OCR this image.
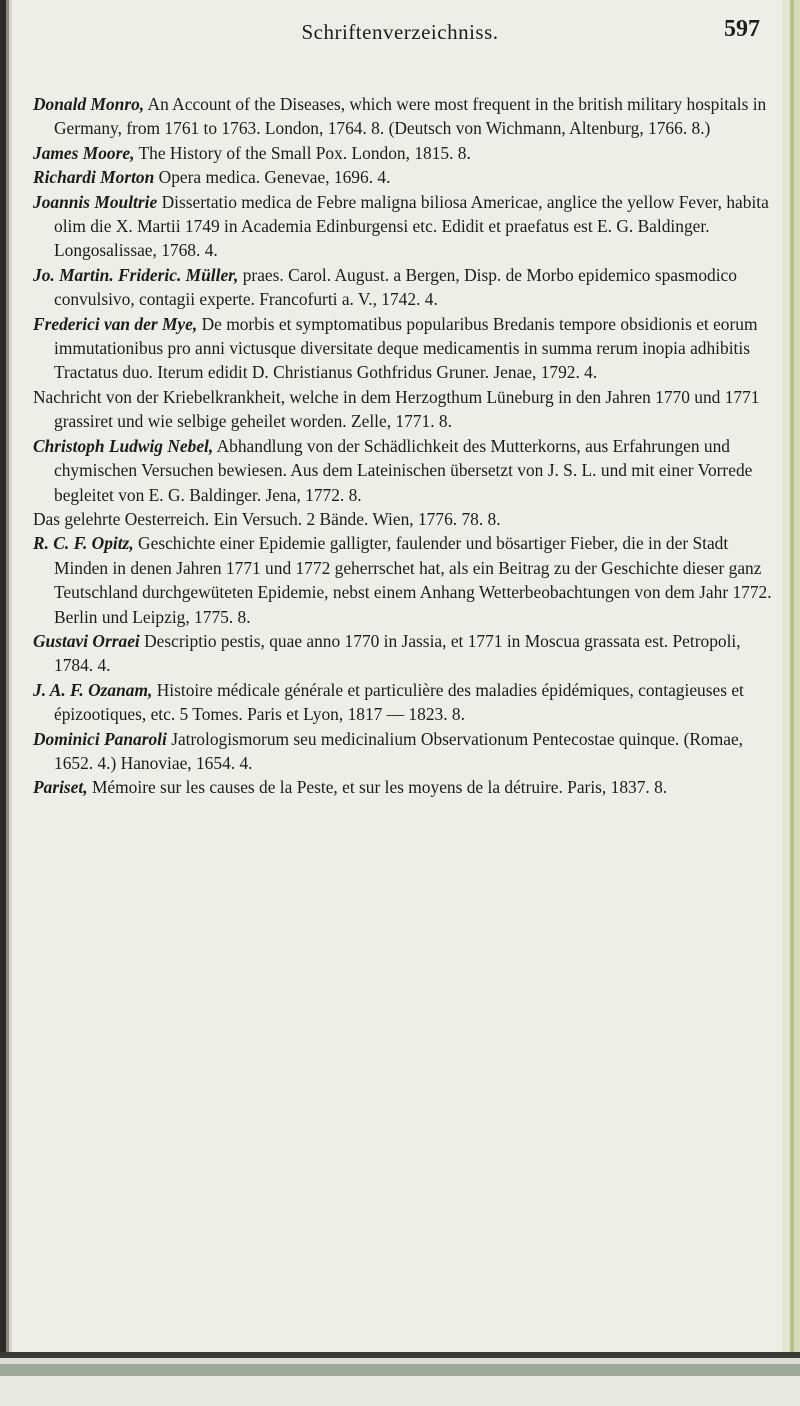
Schriftenverzeichniss.	597

Donald Monro, An Account of the Diseases, which were most frequent in the british military hospitals in Germany, from 1761 to 1763. London, 1764. 8. (Deutsch von Wichmann, Altenburg, 1766. 8.)

James Moore, The History of the Small Pox. London, 1815. 8.

Richardi Morton Opera medica. Genevae, 1696. 4.

Joannis Moultrie Dissertatio medica de Febre maligna biliosa Americae, anglice the yellow Fever, habita olim die X. Martii 1749 in Academia Edinburgensi etc. Edidit et praefatus est E. G. Baldinger. Longosalissae, 1768. 4.

Jo. Martin. Frideric. Müller, praes. Carol. August. a Bergen, Disp. de Morbo epidemico spasmodico convulsivo, contagii experte. Francofurti a. V., 1742. 4.

Frederici van der Mye, De morbis et symptomatibus popularibus Bredanis tempore obsidionis et eorum immutationibus pro anni victusque diversitate deque medicamentis in summa rerum inopia adhibitis Tractatus duo. Iterum edidit D. Christianus Gothfridus Gruner. Jenae, 1792. 4.

Nachricht von der Kriebelkrankheit, welche in dem Herzogthum Lüneburg in den Jahren 1770 und 1771 grassiret und wie selbige geheilet worden. Zelle, 1771. 8.

Christoph Ludwig Nebel, Abhandlung von der Schädlichkeit des Mutterkorns, aus Erfahrungen und chymischen Versuchen bewiesen. Aus dem Lateinischen übersetzt von J. S. L. und mit einer Vorrede begleitet von E. G. Baldinger. Jena, 1772. 8.

Das gelehrte Oesterreich. Ein Versuch. 2 Bände. Wien, 1776. 78. 8.

R. C. F. Opitz, Geschichte einer Epidemie galligter, faulender und bösartiger Fieber, die in der Stadt Minden in denen Jahren 1771 und 1772 geherrschet hat, als ein Beitrag zu der Geschichte dieser ganz Teutschland durchgewüteten Epidemie, nebst einem Anhang Wetterbeobachtungen von dem Jahr 1772. Berlin und Leipzig, 1775. 8.

Gustavi Orraei Descriptio pestis, quae anno 1770 in Jassia, et 1771 in Moscua grassata est. Petropoli, 1784. 4.

J. A. F. Ozanam, Histoire médicale générale et particulière des maladies épidémiques, contagieuses et épizootiques, etc. 5 Tomes. Paris et Lyon, 1817 — 1823. 8.

Dominici Panaroli Jatrologismorum seu medicinalium Observationum Pentecostae quinque. (Romae, 1652. 4.) Hanoviae, 1654. 4.

Pariset, Mémoire sur les causes de la Peste, et sur les moyens de la détruire. Paris, 1837. 8.
